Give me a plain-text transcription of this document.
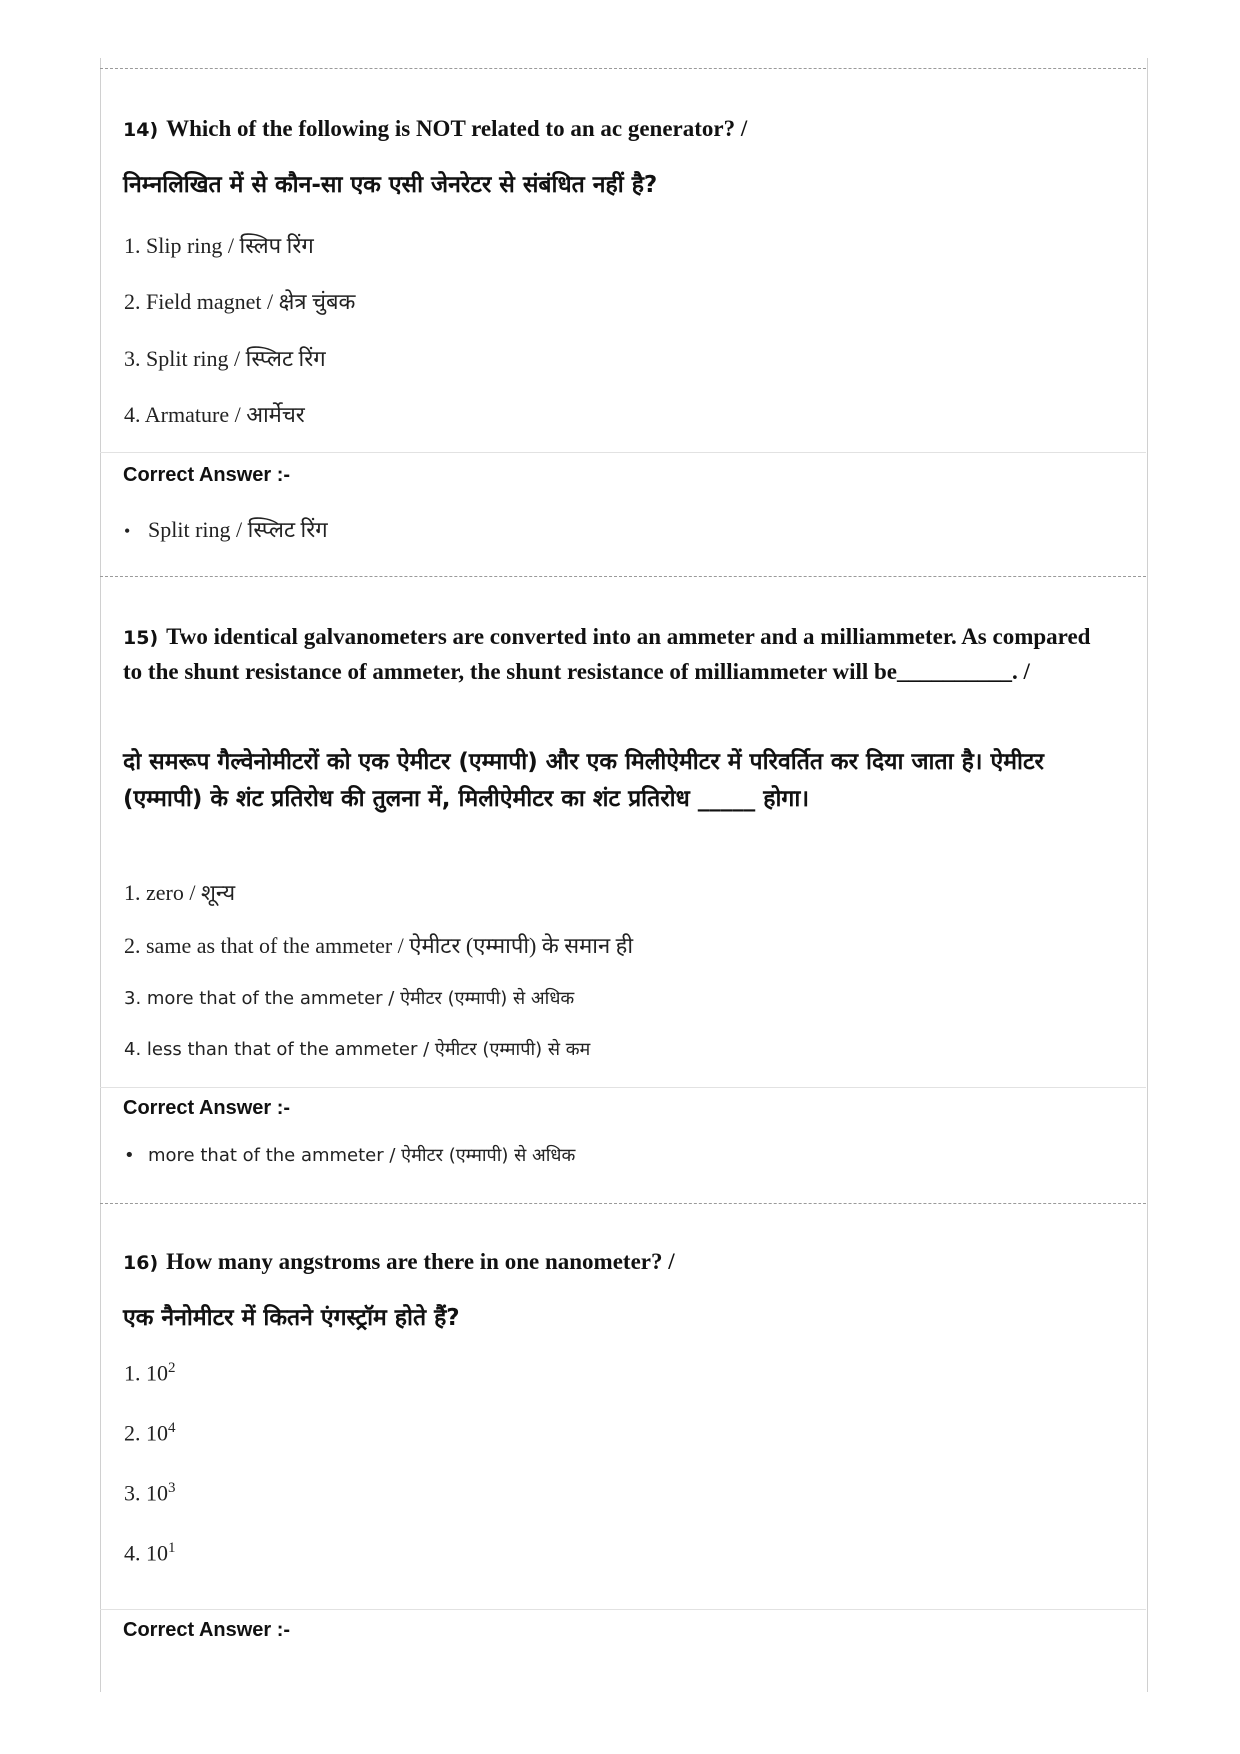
14) Which of the following is NOT related to an ac generator? /
निम्नलिखित में से कौन-सा एक एसी जेनरेटर से संबंधित नहीं है?
1. Slip ring / स्लिप रिंग
2. Field magnet / क्षेत्र चुंबक
3. Split ring / स्प्लिट रिंग
4. Armature / आर्मेचर
Correct Answer :-
• Split ring / स्प्लिट रिंग
15) Two identical galvanometers are converted into an ammeter and a milliammeter. As compared to the shunt resistance of ammeter, the shunt resistance of milliammeter will be__________. /
दो समरूप गैल्वेनोमीटरों को एक ऐमीटर (एम्मापी) और एक मिलीऐमीटर में परिवर्तित कर दिया जाता है। ऐमीटर (एम्मापी) के शंट प्रतिरोध की तुलना में, मिलीऐमीटर का शंट प्रतिरोध _____ होगा।
1. zero / शून्य
2. same as that of the ammeter / ऐमीटर (एम्मापी) के समान ही
3. more that of the ammeter / ऐमीटर (एम्मापी) से अधिक
4. less than that of the ammeter / ऐमीटर (एम्मापी) से कम
Correct Answer :-
• more that of the ammeter / ऐमीटर (एम्मापी) से अधिक
16) How many angstroms are there in one nanometer? /
एक नैनोमीटर में कितने एंगस्ट्रॉम होते हैं?
1. $10^2$
2. $10^4$
3. $10^3$
4. $10^1$
Correct Answer :-
